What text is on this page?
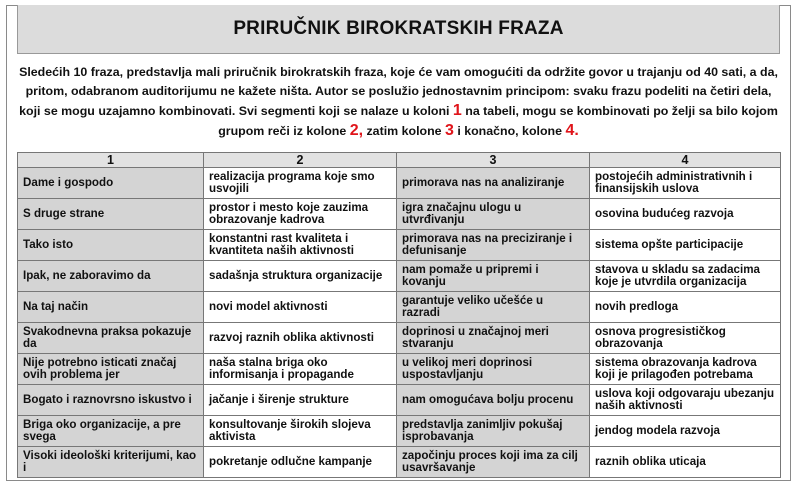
PRIRUČNIK BIROKRATSKIH FRAZA
Sledećih 10 fraza, predstavlja mali priručnik birokratskih fraza, koje će vam omogućiti da održite govor u trajanju od 40 sati, a da, pritom, odabranom auditorijumu ne kažete ništa. Autor se poslužio jednostavnim principom: svaku frazu podeliti na četiri dela, koji se mogu uzajamno kombinovati. Svi segmenti koji se nalaze u koloni 1 na tabeli, mogu se kombinovati po želji sa bilo kojom grupom reči iz kolone 2, zatim kolone 3 i konačno, kolone 4.
1	2	3	4
Dame i gospodo	realizacija programa koje smo usvojili	primorava nas na analiziranje	postojećih administrativnih i finansijskih uslova
S druge strane	prostor i mesto koje zauzima obrazovanje kadrova	igra značajnu ulogu u utvrđivanju	osovina budućeg razvoja
Tako isto	konstantni rast kvaliteta i kvantiteta naših aktivnosti	primorava nas na preciziranje i defunisanje	sistema opšte participacije
Ipak, ne zaboravimo da	sadašnja struktura organizacije	nam pomaže u pripremi i kovanju	stavova u skladu sa zadacima koje je utvrdila organizacija
Na taj način	novi model aktivnosti	garantuje veliko učešće u razradi	novih predloga
Svakodnevna praksa pokazuje da	razvoj raznih oblika aktivnosti	doprinosi u značajnoj meri stvaranju	osnova progresističkog obrazovanja
Nije potrebno isticati značaj ovih problema jer	naša stalna briga oko informisanja i propagande	u velikoj meri doprinosi uspostavljanju	sistema obrazovanja kadrova koji je prilagođen potrebama
Bogato i raznovrsno iskustvo i	jačanje i širenje strukture	nam omogućava bolju procenu	uslova koji odgovaraju ubezanju naših aktivnosti
Briga oko organizacije, a pre svega	konsultovanje širokih slojeva aktivista	predstavlja zanimljiv pokušaj isprobavanja	jendog modela razvoja
Visoki ideološki kriterijumi, kao i	pokretanje odlučne kampanje	započinju proces koji ima za cilj usavršavanje	raznih oblika uticaja
